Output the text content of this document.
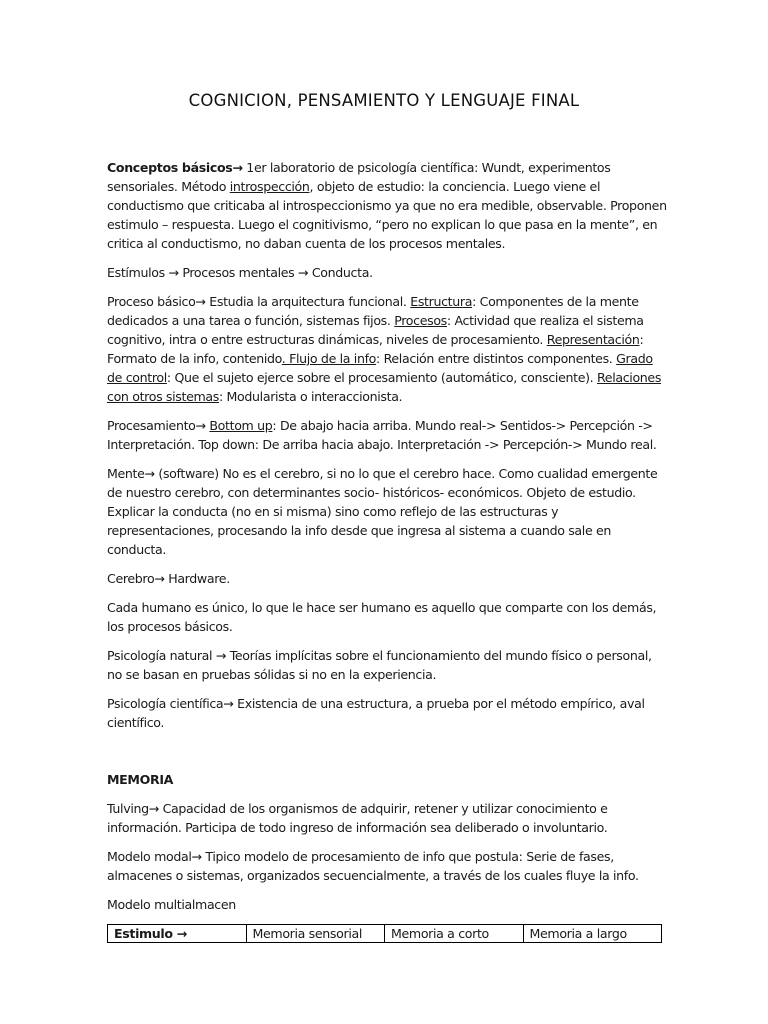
COGNICION, PENSAMIENTO Y LENGUAJE FINAL

Conceptos básicos→ 1er laboratorio de psicología científica: Wundt, experimentos sensoriales. Método introspección, objeto de estudio: la conciencia. Luego viene el conductismo que criticaba al introspeccionismo ya que no era medible, observable. Proponen estimulo – respuesta. Luego el cognitivismo, “pero no explican lo que pasa en la mente”, en critica al conductismo, no daban cuenta de los procesos mentales.

Estímulos → Procesos mentales → Conducta.

Proceso básico→ Estudia la arquitectura funcional. Estructura: Componentes de la mente dedicados a una tarea o función, sistemas fijos. Procesos: Actividad que realiza el sistema cognitivo, intra o entre estructuras dinámicas, niveles de procesamiento. Representación: Formato de la info, contenido. Flujo de la info: Relación entre distintos componentes. Grado de control: Que el sujeto ejerce sobre el procesamiento (automático, consciente). Relaciones con otros sistemas: Modularista o interaccionista.

Procesamiento→ Bottom up: De abajo hacia arriba. Mundo real-> Sentidos-> Percepción -> Interpretación. Top down: De arriba hacia abajo. Interpretación -> Percepción-> Mundo real.

Mente→ (software) No es el cerebro, si no lo que el cerebro hace. Como cualidad emergente de nuestro cerebro, con determinantes socio- históricos- económicos. Objeto de estudio. Explicar la conducta (no en si misma) sino como reflejo de las estructuras y representaciones, procesando la info desde que ingresa al sistema a cuando sale en conducta.

Cerebro→ Hardware.

Cada humano es único, lo que le hace ser humano es aquello que comparte con los demás, los procesos básicos.

Psicología natural → Teorías implícitas sobre el funcionamiento del mundo físico o personal, no se basan en pruebas sólidas si no en la experiencia.

Psicología científica→ Existencia de una estructura, a prueba por el método empírico, aval científico.

MEMORIA

Tulving→ Capacidad de los organismos de adquirir, retener y utilizar conocimiento e información. Participa de todo ingreso de información sea deliberado o involuntario.

Modelo modal→ Tipico modelo de procesamiento de info que postula: Serie de fases, almacenes o sistemas, organizados secuencialmente, a través de los cuales fluye la info.

Modelo multialmacen

Estimulo →	Memoria sensorial	Memoria a corto	Memoria a largo
